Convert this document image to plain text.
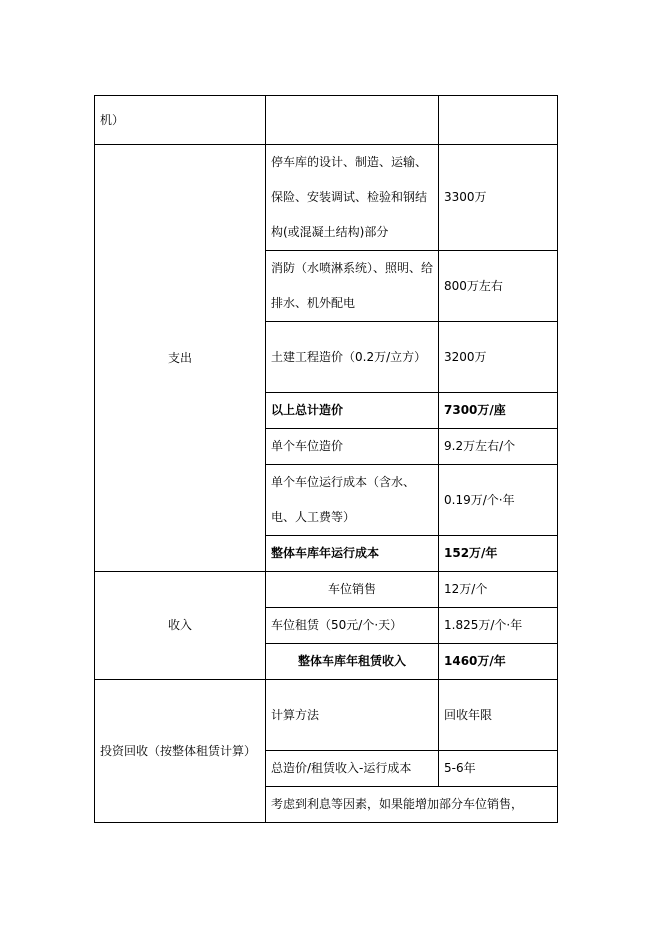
机）		
支出	停车库的设计、制造、运输、保险、安装调试、检验和钢结构(或混凝土结构)部分	3300万
	消防（水喷淋系统）、照明、给排水、机外配电	800万左右
	土建工程造价（0.2万/立方）	3200万
	以上总计造价	7300万/座
	单个车位造价	9.2万左右/个
	单个车位运行成本（含水、电、人工费等）	0.19万/个·年
	整体车库年运行成本	152万/年
收入	车位销售	12万/个
	车位租赁（50元/个·天）	1.825万/个·年
	整体车库年租赁收入	1460万/年
投资回收（按整体租赁计算）	计算方法	回收年限
	总造价/租赁收入-运行成本	5-6年
	考虑到利息等因素，如果能增加部分车位销售，	
